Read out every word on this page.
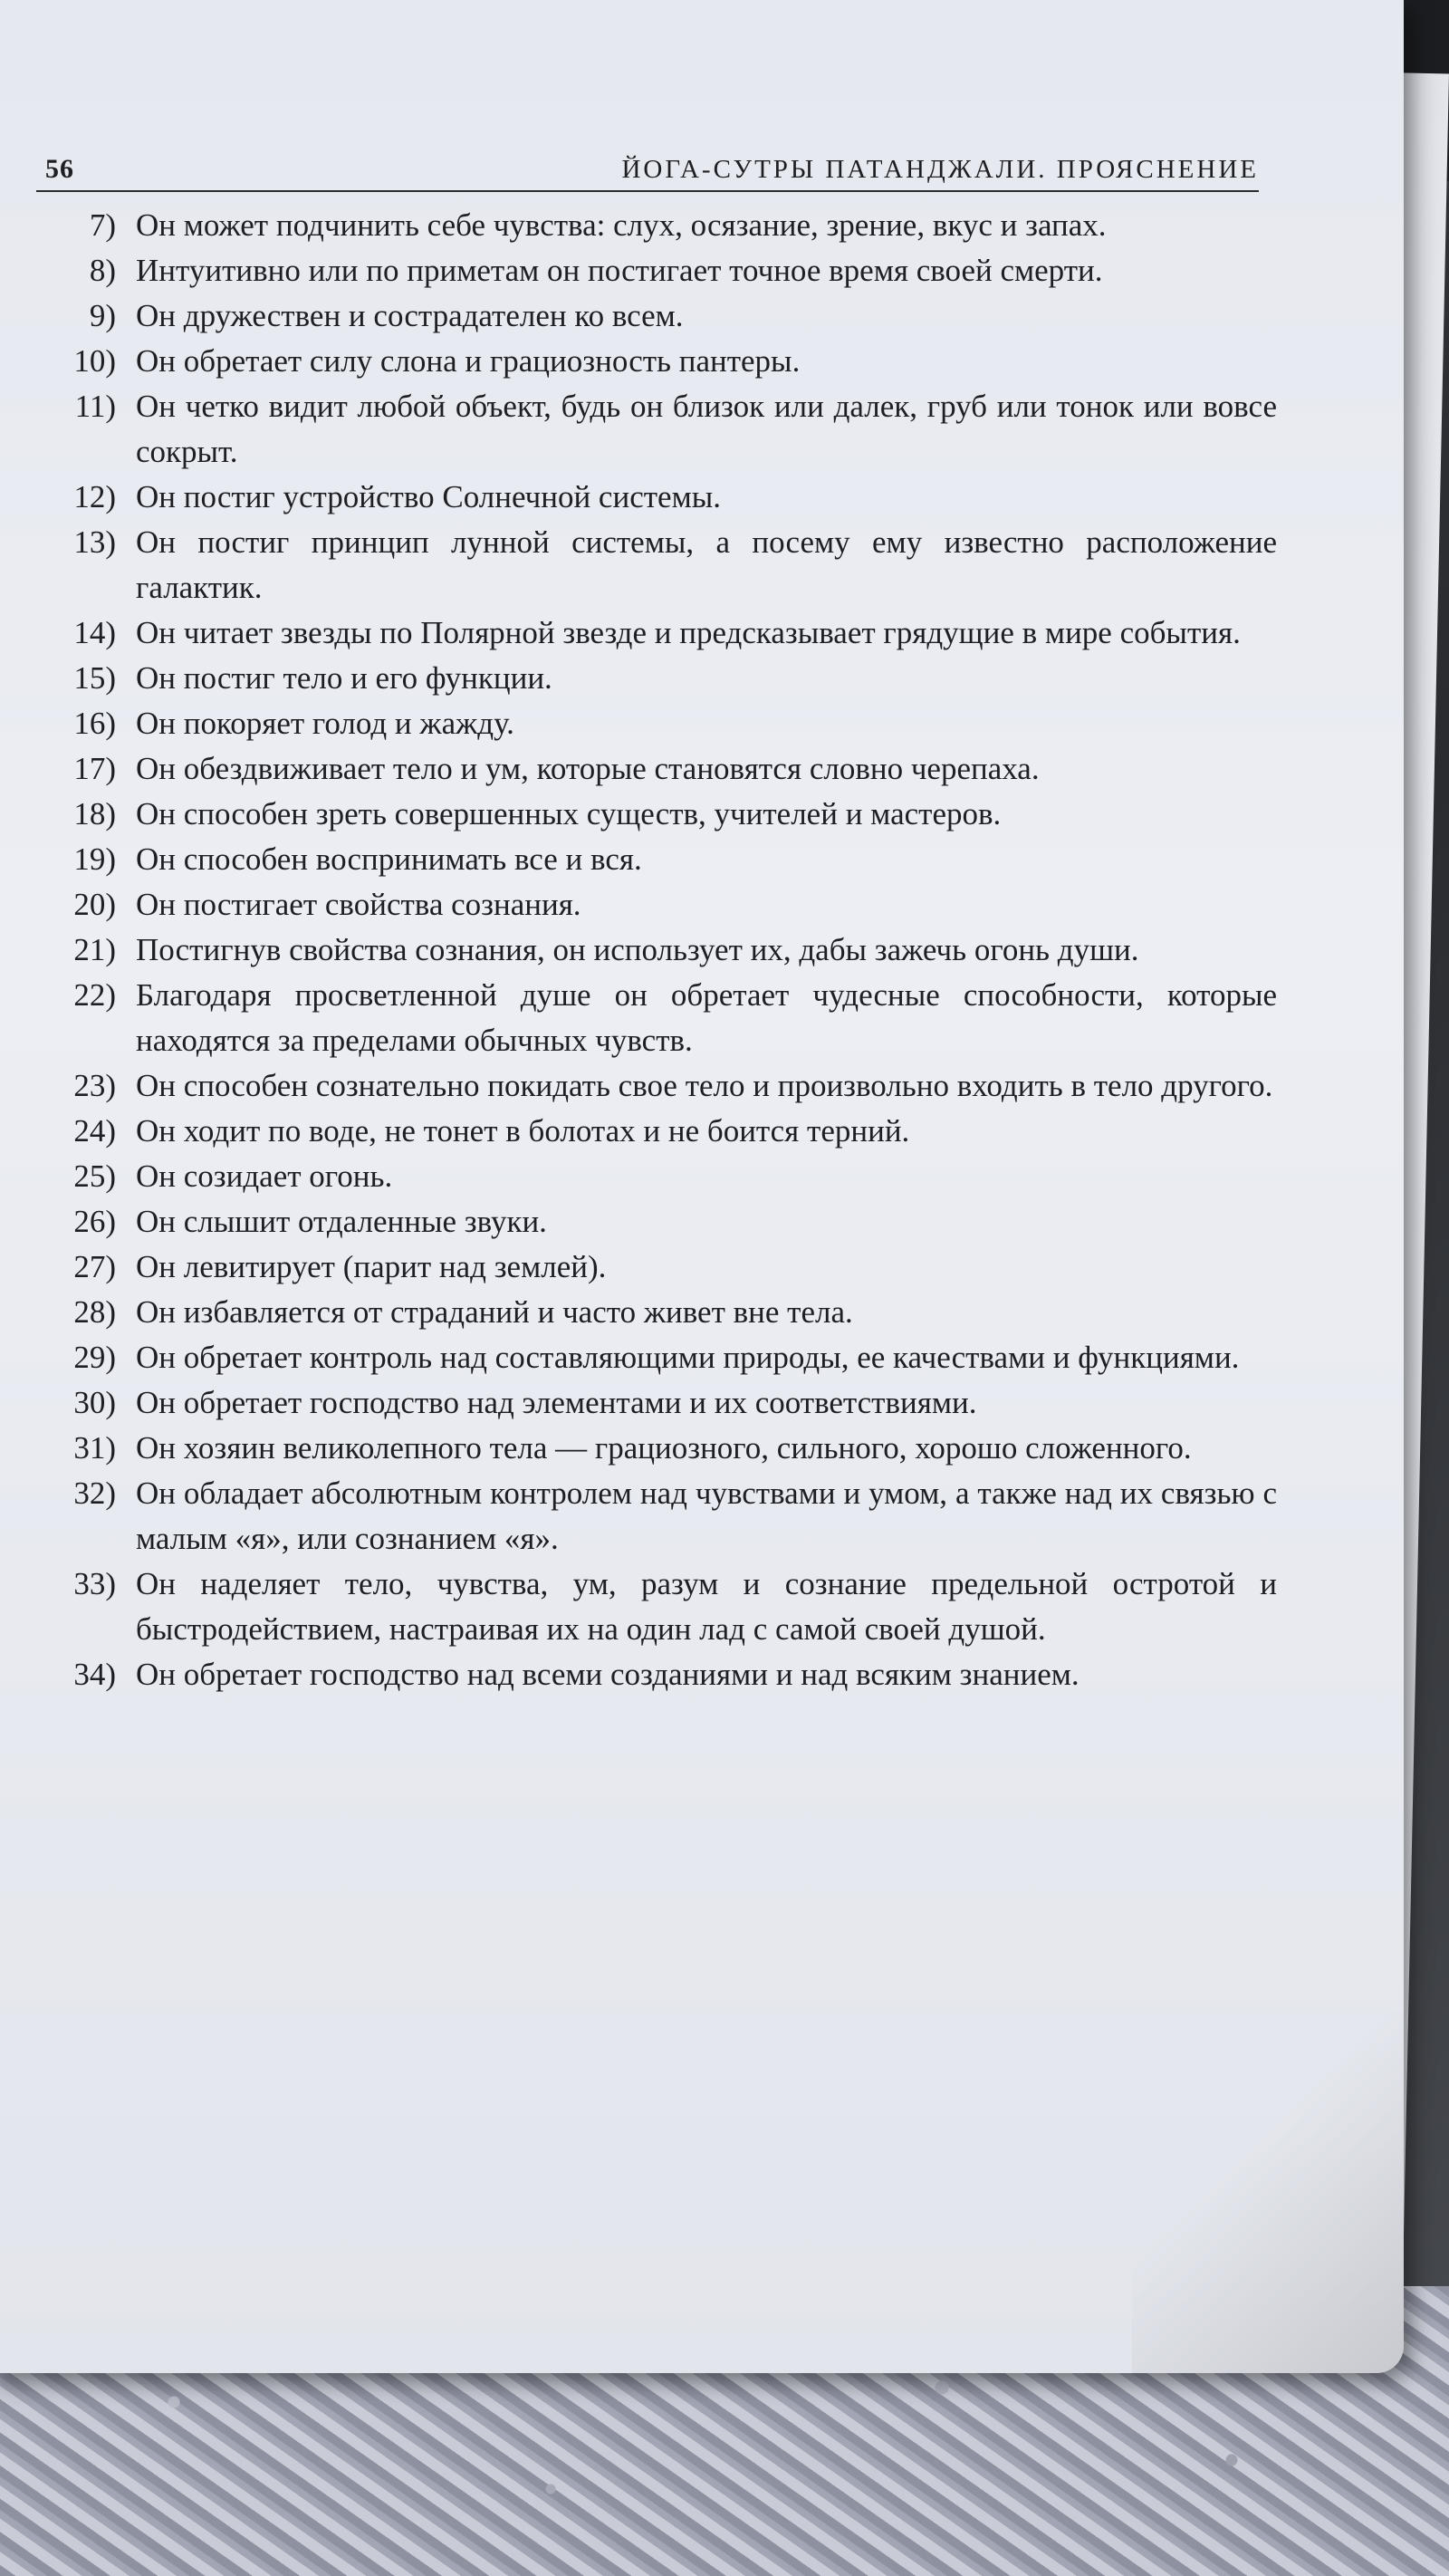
56	ЙОГА-СУТРЫ ПАТАНДЖАЛИ. ПРОЯСНЕНИЕ
7) Он может подчинить себе чувства: слух, осязание, зрение, вкус и запах.
8) Интуитивно или по приметам он постигает точное время своей смерти.
9) Он дружествен и сострадателен ко всем.
10) Он обретает силу слона и грациозность пантеры.
11) Он четко видит любой объект, будь он близок или далек, груб или тонок или вовсе сокрыт.
12) Он постиг устройство Солнечной системы.
13) Он постиг принцип лунной системы, а посему ему известно расположение галактик.
14) Он читает звезды по Полярной звезде и предсказывает грядущие в мире события.
15) Он постиг тело и его функции.
16) Он покоряет голод и жажду.
17) Он обездвиживает тело и ум, которые становятся словно черепаха.
18) Он способен зреть совершенных существ, учителей и мастеров.
19) Он способен воспринимать все и вся.
20) Он постигает свойства сознания.
21) Постигнув свойства сознания, он использует их, дабы зажечь огонь души.
22) Благодаря просветленной душе он обретает чудесные способности, которые находятся за пределами обычных чувств.
23) Он способен сознательно покидать свое тело и произвольно входить в тело другого.
24) Он ходит по воде, не тонет в болотах и не боится терний.
25) Он созидает огонь.
26) Он слышит отдаленные звуки.
27) Он левитирует (парит над землей).
28) Он избавляется от страданий и часто живет вне тела.
29) Он обретает контроль над составляющими природы, ее качествами и функциями.
30) Он обретает господство над элементами и их соответствиями.
31) Он хозяин великолепного тела — грациозного, сильного, хорошо сложенного.
32) Он обладает абсолютным контролем над чувствами и умом, а также над их связью с малым «я», или сознанием «я».
33) Он наделяет тело, чувства, ум, разум и сознание предельной остротой и быстродействием, настраивая их на один лад с самой своей душой.
34) Он обретает господство над всеми созданиями и над всяким знанием.
